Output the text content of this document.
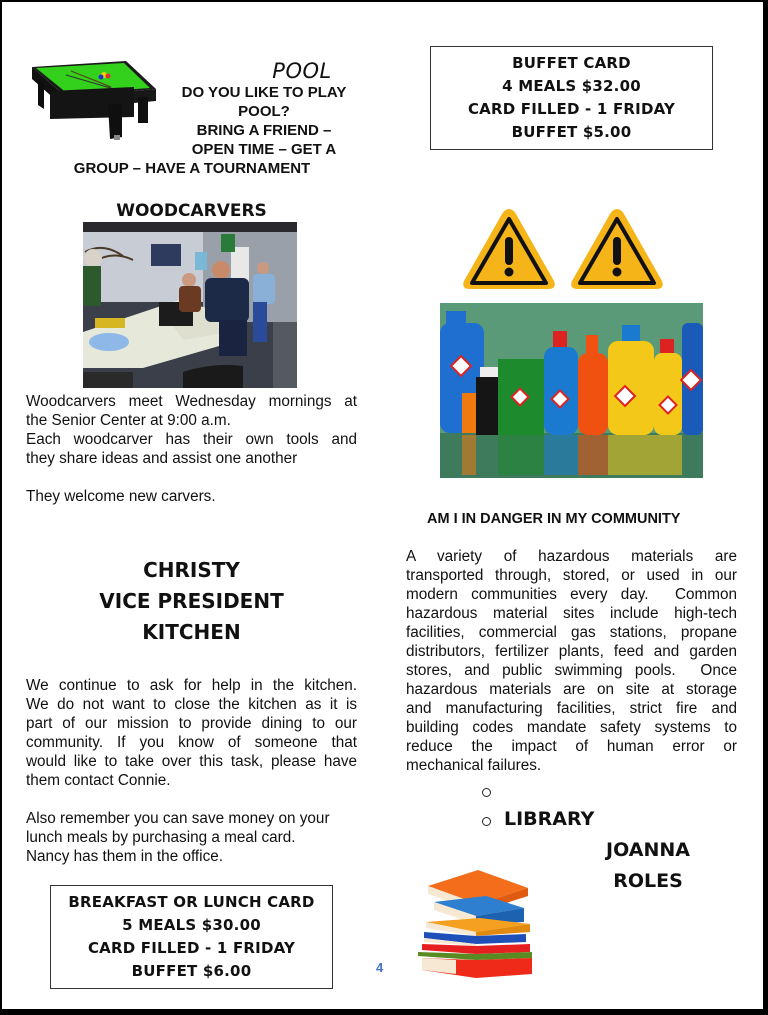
POOL
DO YOU LIKE TO PLAY
POOL?
BRING A FRIEND –
OPEN TIME – GET A
GROUP – HAVE A TOURNAMENT
BUFFET CARD
4 MEALS $32.00
CARD FILLED - 1 FRIDAY
BUFFET $5.00
WOODCARVERS
Woodcarvers meet Wednesday mornings at
the Senior Center at 9:00 a.m.
Each woodcarver has their own tools and
they share ideas and assist one another
They welcome new carvers.
CHRISTY
VICE PRESIDENT
KITCHEN
We continue to ask for help in the kitchen.
We do not want to close the kitchen as it is
part of our mission to provide dining to our
community. If you know of someone that
would like to take over this task, please have
them contact Connie.
Also remember you can save money on your
lunch meals by purchasing a meal card.
Nancy has them in the office.
BREAKFAST OR LUNCH CARD
5 MEALS $30.00
CARD FILLED - 1 FRIDAY
BUFFET $6.00	4
AM I IN DANGER IN MY COMMUNITY
A variety of hazardous materials are
transported through, stored, or used in our
modern communities every day.  Common
hazardous material sites include high-tech
facilities, commercial gas stations, propane
distributors, fertilizer plants, feed and garden
stores, and public swimming pools.  Once
hazardous materials are on site at storage
and manufacturing facilities, strict fire and
building codes mandate safety systems to
reduce the impact of human error or
mechanical failures.
LIBRARY
JOANNA
ROLES
